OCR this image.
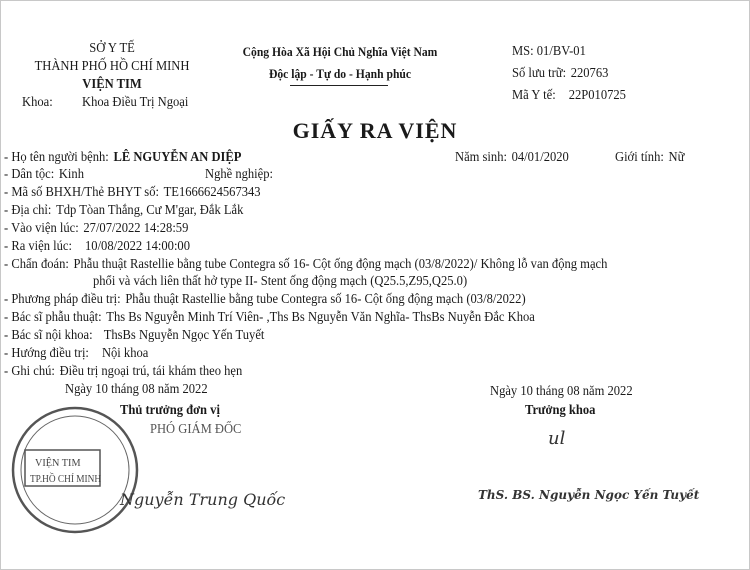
SỞ Y TẾ
THÀNH PHỐ HỒ CHÍ MINH
VIỆN TIM
Khoa: Khoa Điều Trị Ngoại
Cộng Hòa Xã Hội Chủ Nghĩa Việt Nam
Độc lập - Tự do - Hạnh phúc
MS: 01/BV-01
Số lưu trữ: 220763
Mã Y tế: 22P010725
GIẤY RA VIỆN
- Họ tên người bệnh: LÊ NGUYỄN AN DIỆP	Năm sinh: 04/01/2020	Giới tính: Nữ
- Dân tộc: Kinh	Nghề nghiệp:
- Mã số BHXH/Thẻ BHYT số: TE1666624567343
- Địa chỉ: Tdp Tòan Thắng, Cư M'gar, Đắk Lắk
- Vào viện lúc: 27/07/2022 14:28:59
- Ra viện lúc: 10/08/2022 14:00:00
- Chẩn đoán: Phẫu thuật Rastellie bằng tube Contegra số 16- Cột ống động mạch (03/8/2022)/ Không lỗ van động mạch
phổi và vách liên thất hở type II- Stent ống động mạch (Q25.5,Z95,Q25.0)
- Phương pháp điều trị: Phẫu thuật Rastellie bằng tube Contegra số 16- Cột ống động mạch (03/8/2022)
- Bác sĩ phẫu thuật: Ths Bs Nguyễn Minh Trí Viên- ,Ths Bs Nguyễn Văn Nghĩa- ThsBs Nuyễn Đắc Khoa
- Bác sĩ nội khoa: ThsBs Nguyễn Ngọc Yến Tuyết
- Hướng điều trị: Nội khoa
- Ghi chú: Điều trị ngoại trú, tái khám theo hẹn
Ngày 10 tháng 08 năm 2022
Thủ trưởng đơn vị
PHÓ GIÁM ĐỐC
Ngày 10 tháng 08 năm 2022
Trưởng khoa
VIỆN TIM
TP.HỒ CHÍ MINH
ul
Nguyễn Trung Quốc	ThS. BS. Nguyễn Ngọc Yến Tuyết
